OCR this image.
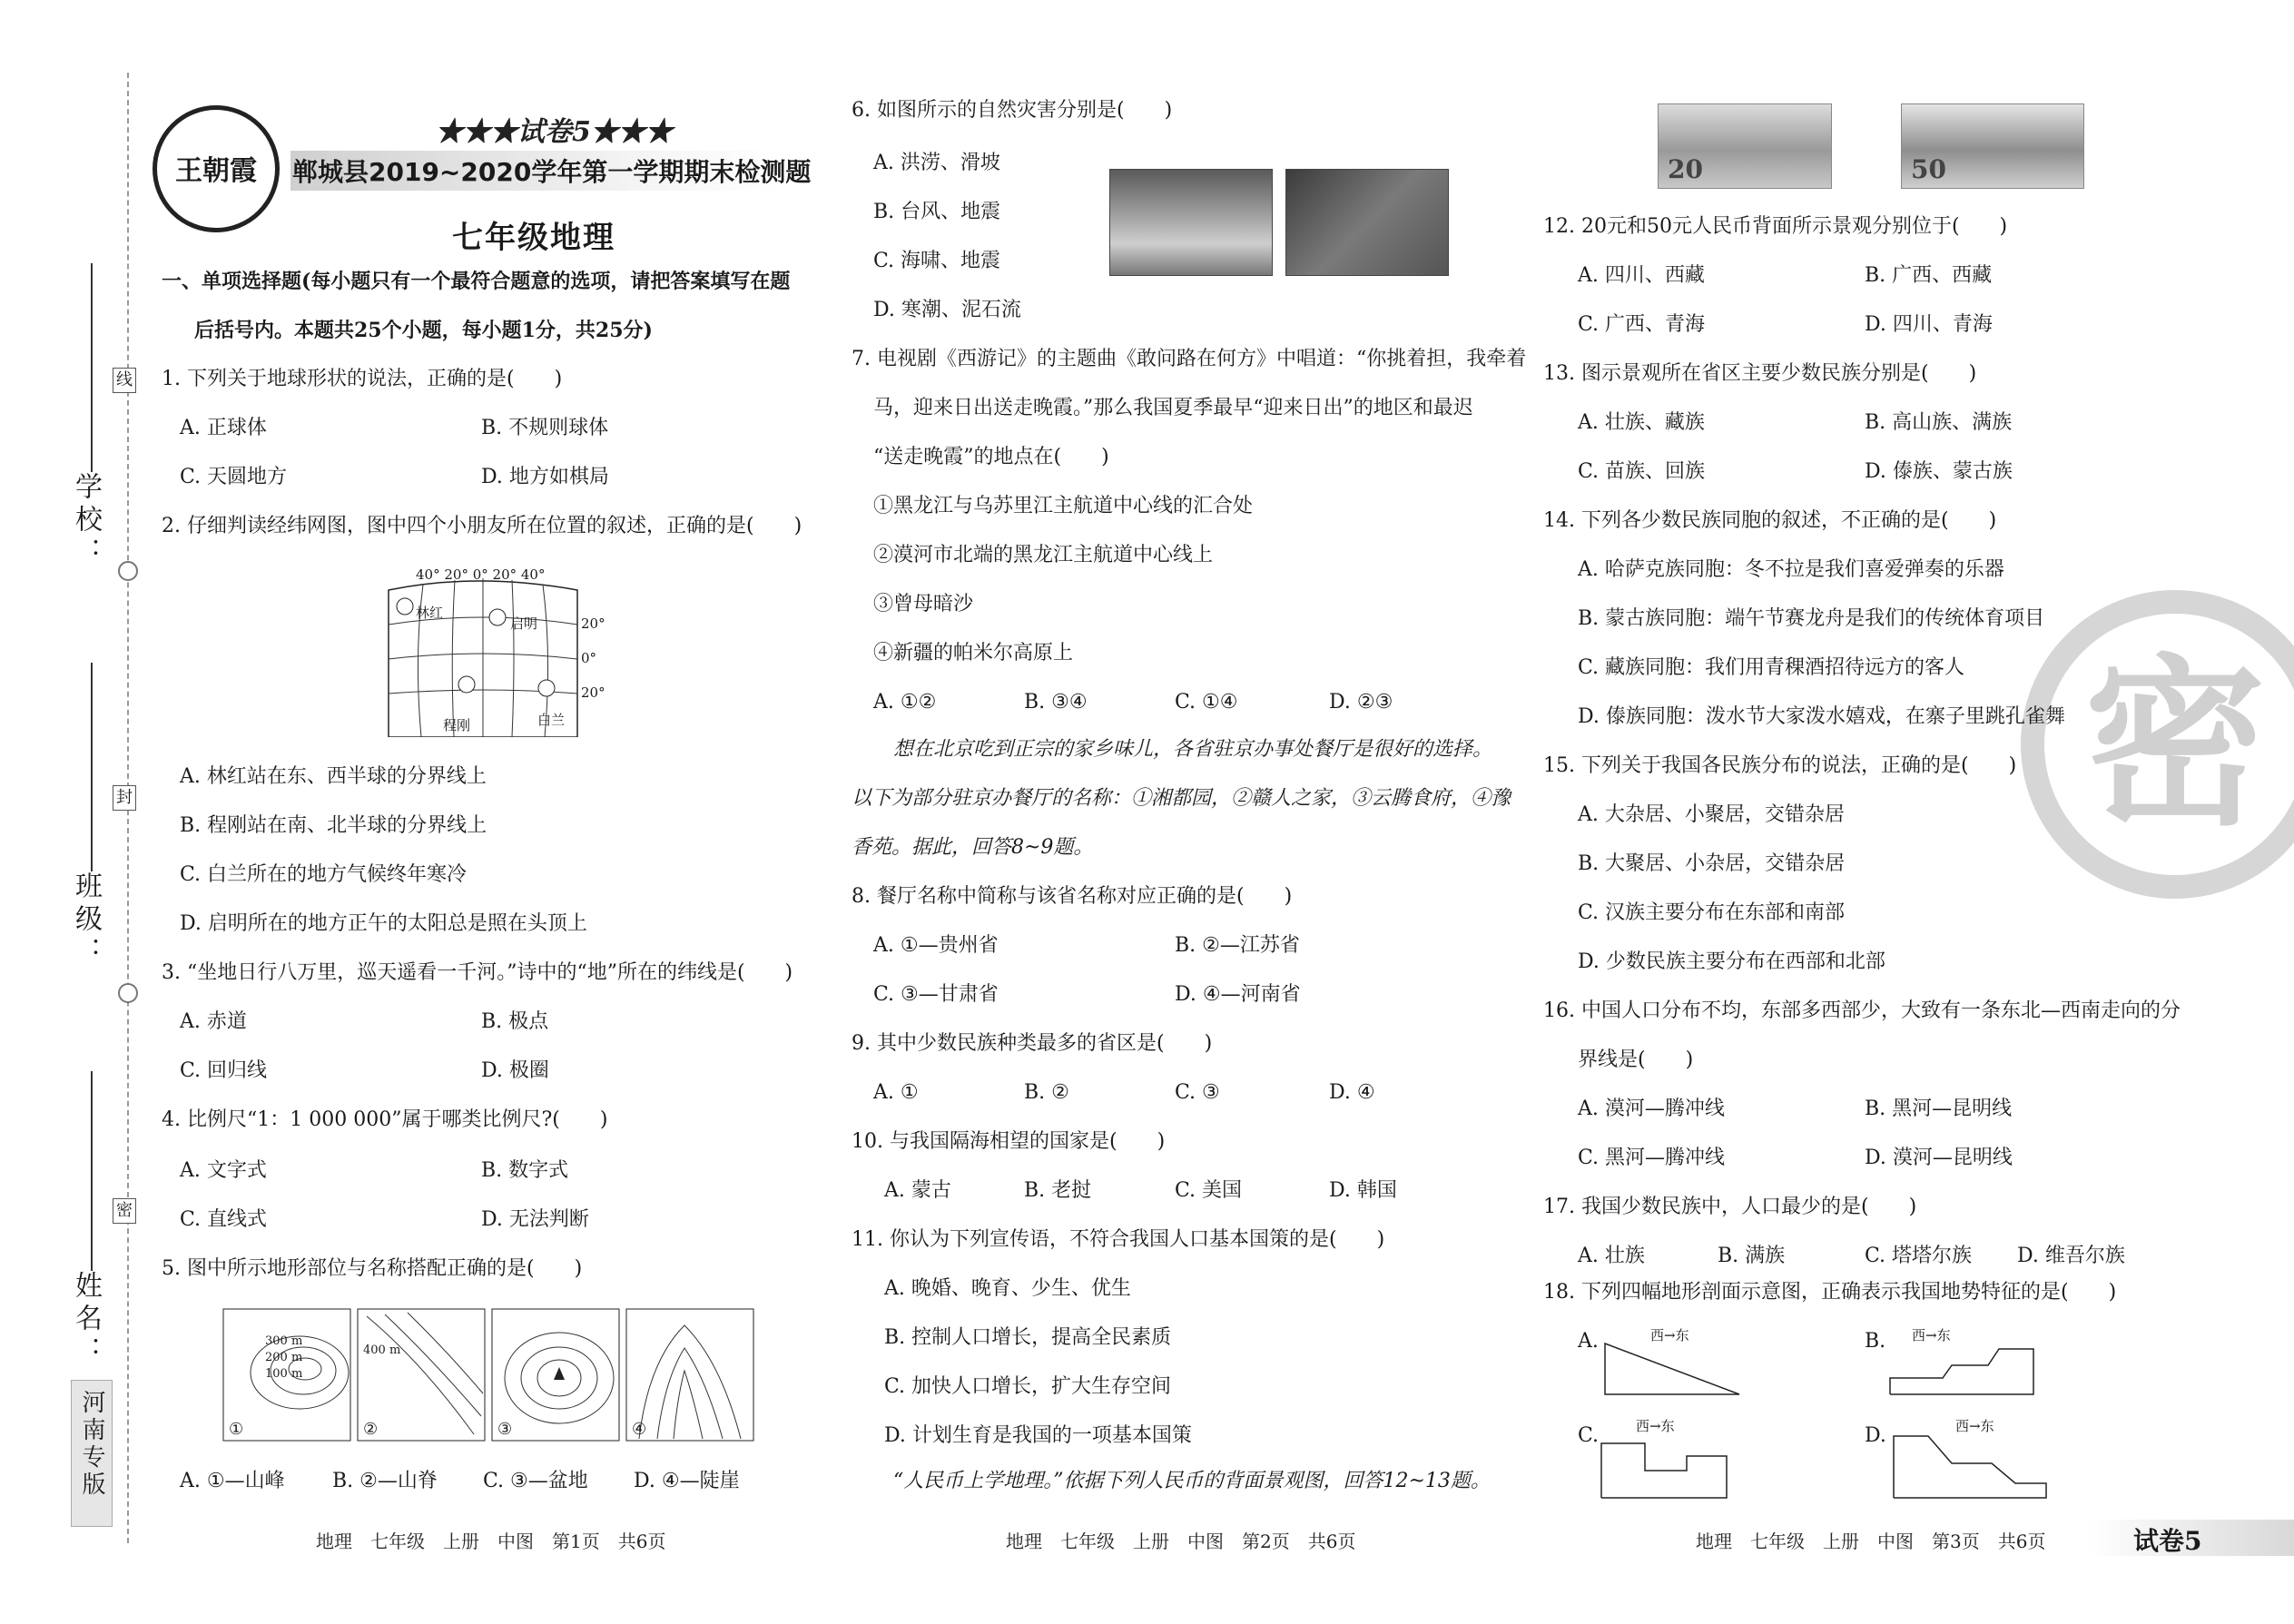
学校：
班级：
姓名：
线
封
密
河南专版
王朝霞
★★★试卷5★★★
郸城县2019~2020学年第一学期期末检测题
七年级地理
一、单项选择题(每小题只有一个最符合题意的选项，请把答案填写在题
后括号内。本题共25个小题，每小题1分，共25分)
1. 下列关于地球形状的说法，正确的是(　　)
A. 正球体	B. 不规则球体
C. 天圆地方	D. 地方如棋局
2. 仔细判读经纬网图，图中四个小朋友所在位置的叙述，正确的是(　　)
40° 20° 0° 20° 40°
20°
0°
20°
林红
启明
程刚	白兰
A. 林红站在东、西半球的分界线上
B. 程刚站在南、北半球的分界线上
C. 白兰所在的地方气候终年寒冷
D. 启明所在的地方正午的太阳总是照在头顶上
3. “坐地日行八万里，巡天遥看一千河。”诗中的“地”所在的纬线是(　　)
A. 赤道	B. 极点
C. 回归线	D. 极圈
4. 比例尺“1：1 000 000”属于哪类比例尺?(　　)
A. 文字式	B. 数字式
C. 直线式	D. 无法判断
5. 图中所示地形部位与名称搭配正确的是(　　)
300 m
200 m
100 m
400 m
①	②	③	④
A. ①—山峰 B. ②—山脊 C. ③—盆地 D. ④—陡崖
地理　七年级　上册　中图　第1页　共6页
6. 如图所示的自然灾害分别是(　　)
A. 洪涝、滑坡
B. 台风、地震
C. 海啸、地震
D. 寒潮、泥石流
7. 电视剧《西游记》的主题曲《敢问路在何方》中唱道：“你挑着担，我牵着
马，迎来日出送走晚霞。”那么我国夏季最早“迎来日出”的地区和最迟
“送走晚霞”的地点在(　　)
①黑龙江与乌苏里江主航道中心线的汇合处
②漠河市北端的黑龙江主航道中心线上
③曾母暗沙
④新疆的帕米尔高原上
A. ①②	B. ③④	C. ①④	D. ②③
想在北京吃到正宗的家乡味儿，各省驻京办事处餐厅是很好的选择。
以下为部分驻京办餐厅的名称：①湘都园，②赣人之家，③云腾食府，④豫
香苑。据此，回答8~9题。
8. 餐厅名称中简称与该省名称对应正确的是(　　)
A. ①—贵州省	B. ②—江苏省
C. ③—甘肃省	D. ④—河南省
9. 其中少数民族种类最多的省区是(　　)
A. ①	B. ②	C. ③	D. ④
10. 与我国隔海相望的国家是(　　)
A. 蒙古	B. 老挝	C. 美国	D. 韩国
11. 你认为下列宣传语，不符合我国人口基本国策的是(　　)
A. 晚婚、晚育、少生、优生
B. 控制人口增长，提高全民素质
C. 加快人口增长，扩大生存空间
D. 计划生育是我国的一项基本国策
“人民币上学地理。”依据下列人民币的背面景观图，回答12~13题。
地理　七年级　上册　中图　第2页　共6页
20	50
12. 20元和50元人民币背面所示景观分别位于(　　)
A. 四川、西藏	B. 广西、西藏
C. 广西、青海	D. 四川、青海
13. 图示景观所在省区主要少数民族分别是(　　)
A. 壮族、藏族	B. 高山族、满族
C. 苗族、回族	D. 傣族、蒙古族
密
14. 下列各少数民族同胞的叙述，不正确的是(　　)
A. 哈萨克族同胞：冬不拉是我们喜爱弹奏的乐器
B. 蒙古族同胞：端午节赛龙舟是我们的传统体育项目
C. 藏族同胞：我们用青稞酒招待远方的客人
D. 傣族同胞：泼水节大家泼水嬉戏，在寨子里跳孔雀舞
15. 下列关于我国各民族分布的说法，正确的是(　　)
A. 大杂居、小聚居，交错杂居
B. 大聚居、小杂居，交错杂居
C. 汉族主要分布在东部和南部
D. 少数民族主要分布在西部和北部
16. 中国人口分布不均，东部多西部少，大致有一条东北—西南走向的分
界线是(　　)
A. 漠河—腾冲线	B. 黑河—昆明线
C. 黑河—腾冲线	D. 漠河—昆明线
17. 我国少数民族中，人口最少的是(　　)
A. 壮族	B. 满族	C. 塔塔尔族 D. 维吾尔族
18. 下列四幅地形剖面示意图，正确表示我国地势特征的是(　　)
A.	西→东	B. 西→东
C.	西→东	D.	西→东
地理　七年级　上册　中图　第3页　共6页	试卷5
